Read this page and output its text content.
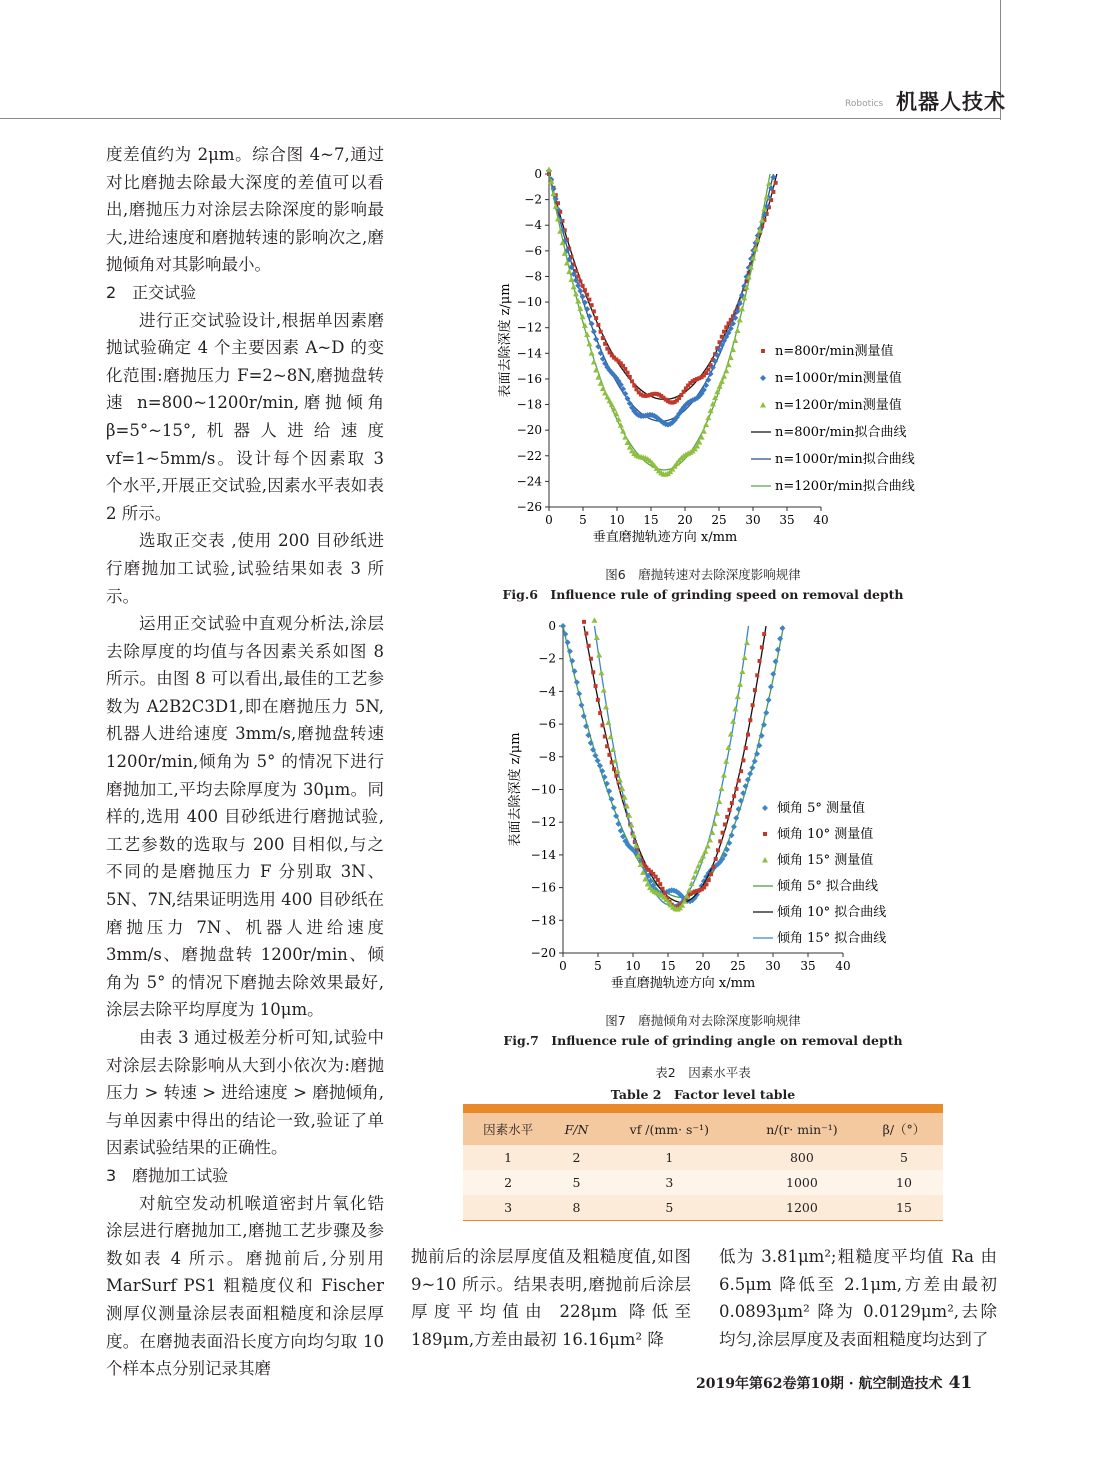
Robotics 机器人技术

度差值约为 2μm。综合图 4~7,通过对比磨抛去除最大深度的差值可以看出,磨抛压力对涂层去除深度的影响最大,进给速度和磨抛转速的影响次之,磨抛倾角对其影响最小。

2　正交试验

进行正交试验设计,根据单因素磨抛试验确定 4 个主要因素 A~D 的变化范围:磨抛压力 F=2~8N,磨抛盘转速 n=800~1200r/min,磨抛倾角 β=5°~15°,机器人进给速度 vf=1~5mm/s。设计每个因素取 3 个水平,开展正交试验,因素水平表如表 2 所示。

选取正交表 ,使用 200 目砂纸进行磨抛加工试验,试验结果如表 3 所示。

运用正交试验中直观分析法,涂层去除厚度的均值与各因素关系如图 8 所示。由图 8 可以看出,最佳的工艺参数为 A2B2C3D1,即在磨抛压力 5N,机器人进给速度 3mm/s,磨抛盘转速 1200r/min,倾角为 5° 的情况下进行磨抛加工,平均去除厚度为 30μm。同样的,选用 400 目砂纸进行磨抛试验,工艺参数的选取与 200 目相似,与之不同的是磨抛压力 F 分别取 3N、5N、7N,结果证明选用 400 目砂纸在磨抛压力 7N、机器人进给速度 3mm/s、磨抛盘转 1200r/min、倾角为 5° 的情况下磨抛去除效果最好,涂层去除平均厚度为 10μm。

由表 3 通过极差分析可知,试验中对涂层去除影响从大到小依次为:磨抛压力 > 转速 > 进给速度 > 磨抛倾角,与单因素中得出的结论一致,验证了单因素试验结果的正确性。

3　磨抛加工试验

对航空发动机喉道密封片氧化锆涂层进行磨抛加工,磨抛工艺步骤及参数如表 4 所示。磨抛前后,分别用 MarSurf PS1 粗糙度仪和 Fischer 测厚仪测量涂层表面粗糙度和涂层厚度。在磨抛表面沿长度方向均匀取 10 个样本点分别记录其磨

抛前后的涂层厚度值及粗糙度值,如图 9~10 所示。结果表明,磨抛前后涂层厚度平均值由 228μm 降低至 189μm,方差由最初 16.16μm² 降

低为 3.81μm²;粗糙度平均值 Ra 由 6.5μm 降低至 2.1μm,方差由最初 0.0893μm² 降为 0.0129μm²,去除均匀,涂层厚度及表面粗糙度均达到了

0
−2
−4
−6
−8
−10
−12
−14
−16
−18
−20
−22
−24
−26
0 5 10 15 20 25 30 35 40
垂直磨抛轨迹方向 x/mm
表面去除深度 z/μm	n=800r/min测量值
n=1000r/min测量值
n=1200r/min测量值
n=800r/min拟合曲线
n=1000r/min拟合曲线
n=1200r/min拟合曲线
图6　磨抛转速对去除深度影响规律
Fig.6　Influence rule of grinding speed on removal depth
0
−2
−4
−6
−8
−10
−12
−14
−16
−18
−20
0 5 10 15 20 25 30 35 40
垂直磨抛轨迹方向 x/mm
表面去除深度 z/μm	倾角 5° 测量值
倾角 10° 测量值
倾角 15° 测量值
倾角 5° 拟合曲线
倾角 10° 拟合曲线
倾角 15° 拟合曲线
图7　磨抛倾角对去除深度影响规律
Fig.7　Influence rule of grinding angle on removal depth
表2　因素水平表
Table 2　Factor level table

因素水平	F/N	vf /(mm· s⁻¹)	n/(r· min⁻¹)	β/（°）
1	2	1	800	5
2	5	3	1000	10
3	8	5	1200	15
2019年第62卷第10期 · 航空制造技术 41
